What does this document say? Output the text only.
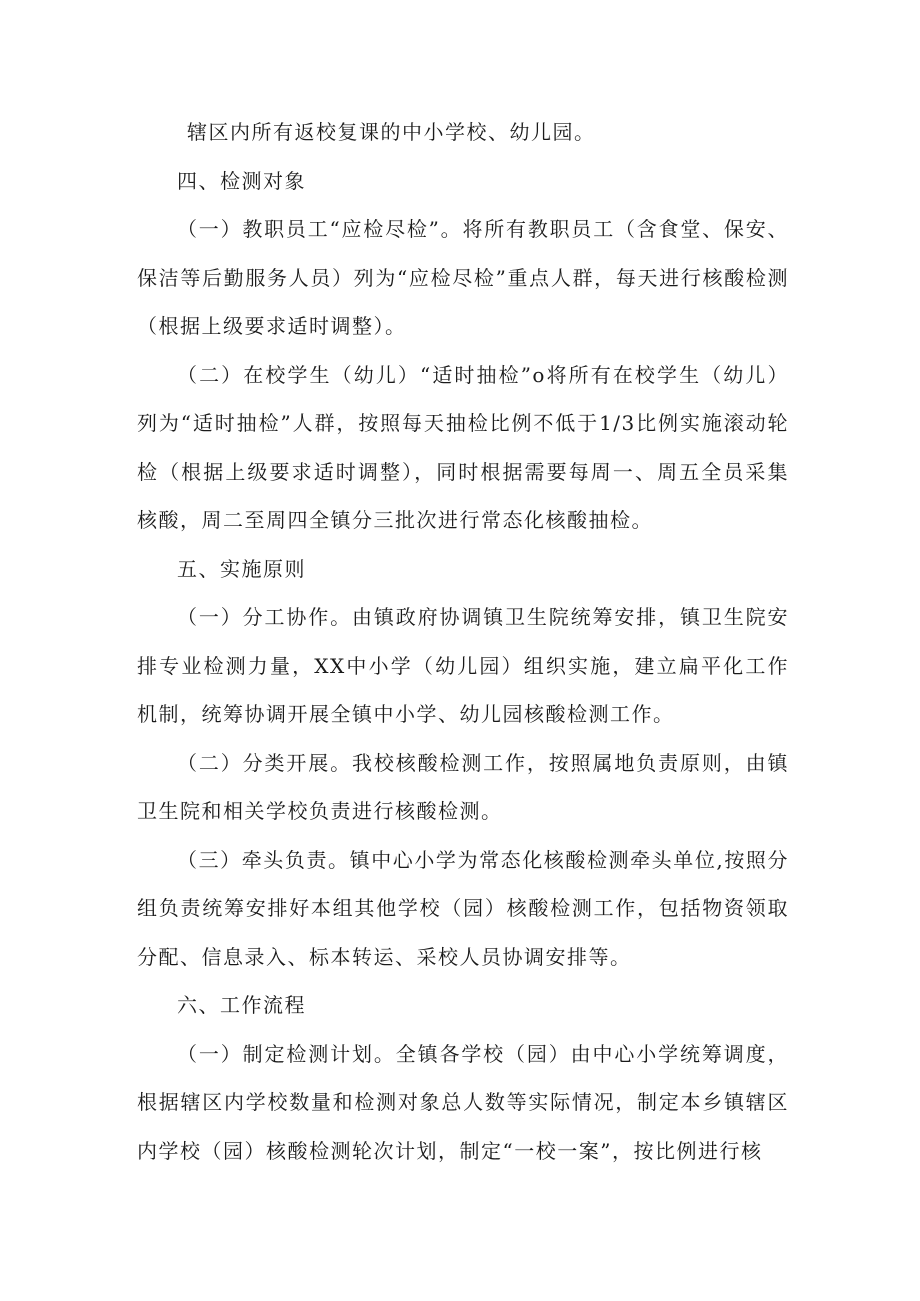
辖区内所有返校复课的中小学校、幼儿园。

四、检测对象

（一）教职员工“应检尽检”。将所有教职员工（含食堂、保安、保洁等后勤服务人员）列为“应检尽检”重点人群，每天进行核酸检测（根据上级要求适时调整）。

（二）在校学生（幼儿）“适时抽检”o将所有在校学生（幼儿）列为“适时抽检”人群，按照每天抽检比例不低于1/3比例实施滚动轮检（根据上级要求适时调整），同时根据需要每周一、周五全员采集核酸，周二至周四全镇分三批次进行常态化核酸抽检。

五、实施原则

（一）分工协作。由镇政府协调镇卫生院统筹安排，镇卫生院安排专业检测力量，XX中小学（幼儿园）组织实施，建立扁平化工作机制，统筹协调开展全镇中小学、幼儿园核酸检测工作。

（二）分类开展。我校核酸检测工作，按照属地负责原则，由镇卫生院和相关学校负责进行核酸检测。

（三）牵头负责。镇中心小学为常态化核酸检测牵头单位,按照分组负责统筹安排好本组其他学校（园）核酸检测工作，包括物资领取分配、信息录入、标本转运、采校人员协调安排等。

六、工作流程

（一）制定检测计划。全镇各学校（园）由中心小学统筹调度，根据辖区内学校数量和检测对象总人数等实际情况，制定本乡镇辖区内学校（园）核酸检测轮次计划，制定“一校一案”，按比例进行核
